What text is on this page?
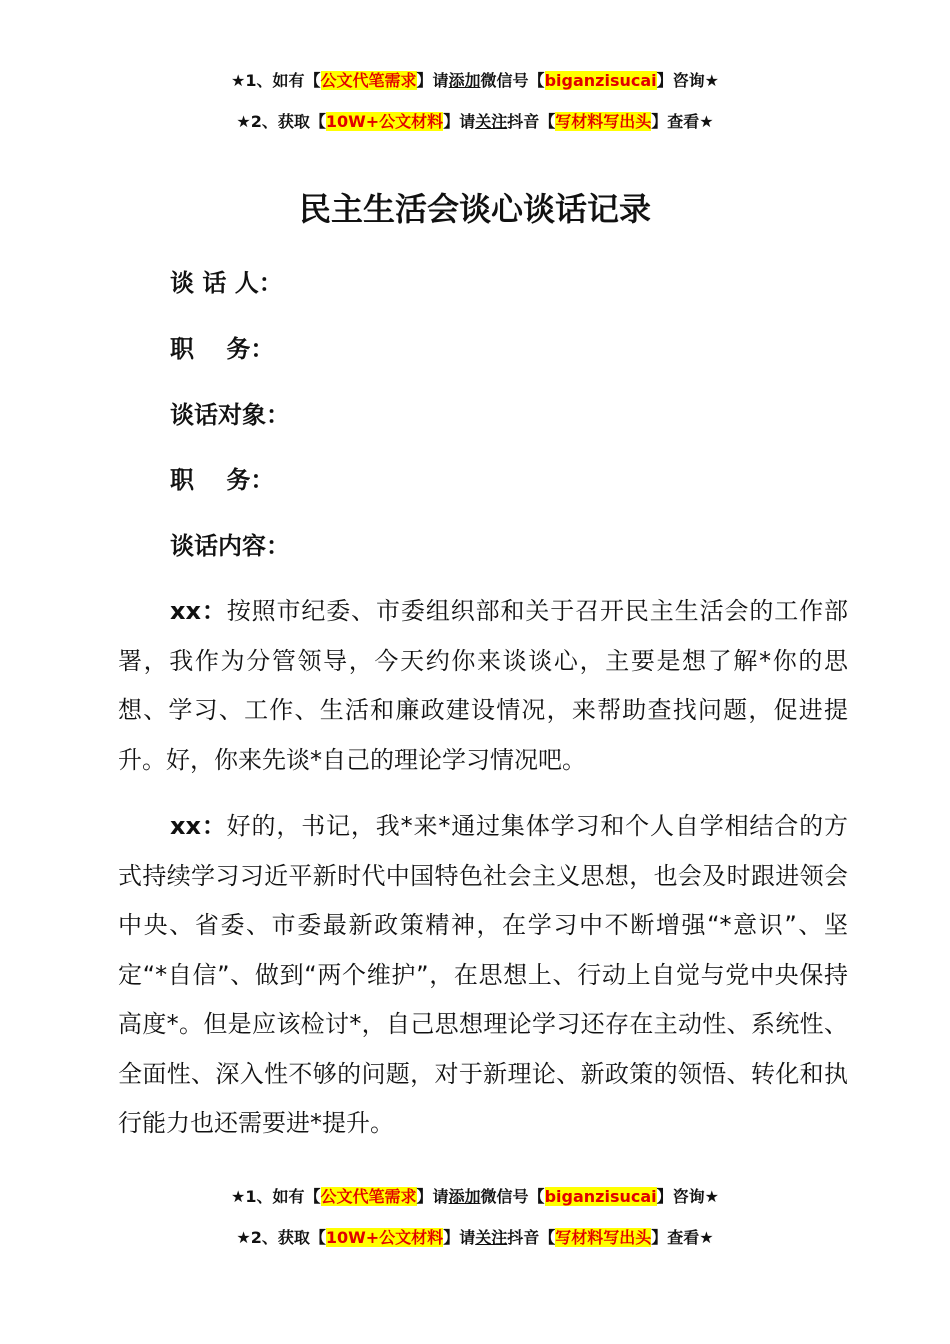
★1、如有【公文代笔需求】请添加微信号【biganzisucai】咨询★
★2、获取【10W+公文材料】请关注抖音【写材料写出头】查看★
民主生活会谈心谈话记录
谈 话 人：
职　 务：
谈话对象：
职　 务：
谈话内容：
xx：按照市纪委、市委组织部和关于召开民主生活会的工作部署，我作为分管领导，今天约你来谈谈心，主要是想了解*你的思想、学习、工作、生活和廉政建设情况，来帮助查找问题，促进提升。好，你来先谈*自己的理论学习情况吧。
xx：好的，书记，我*来*通过集体学习和个人自学相结合的方式持续学习习近平新时代中国特色社会主义思想，也会及时跟进领会中央、省委、市委最新政策精神，在学习中不断增强“*意识”、坚定“*自信”、做到“两个维护”，在思想上、行动上自觉与党中央保持高度*。但是应该检讨*，自己思想理论学习还存在主动性、系统性、全面性、深入性不够的问题，对于新理论、新政策的领悟、转化和执行能力也还需要进*提升。
★1、如有【公文代笔需求】请添加微信号【biganzisucai】咨询★
★2、获取【10W+公文材料】请关注抖音【写材料写出头】查看★
